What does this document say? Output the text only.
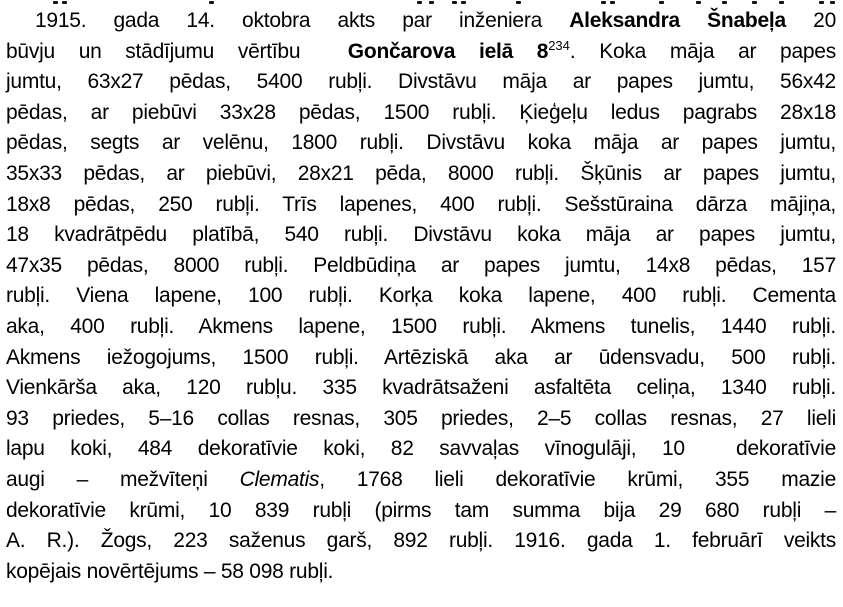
1915. gada 14. oktobra akts par inženiera Aleksandra Šnabeļa 20
būvju un stādījumu vērtību  Gončarova ielā $8^{234}$. Koka māja ar papes
jumtu, 63x27 pēdas, 5400 rubļi. Divstāvu māja ar papes jumtu, 56x42
pēdas, ar piebūvi 33x28 pēdas, 1500 rubļi. Ķieģeļu ledus pagrabs 28x18
pēdas, segts ar velēnu, 1800 rubļi. Divstāvu koka māja ar papes jumtu,
35x33 pēdas, ar piebūvi, 28x21 pēda, 8000 rubļi. Šķūnis ar papes jumtu,
18x8 pēdas, 250 rubļi. Trīs lapenes, 400 rubļi. Sešstūraina dārza mājiņa,
18 kvadrātpēdu platībā, 540 rubļi. Divstāvu koka māja ar papes jumtu,
47x35 pēdas, 8000 rubļi. Peldbūdiņa ar papes jumtu, 14x8 pēdas, 157
rubļi. Viena lapene, 100 rubļi. Korķa koka lapene, 400 rubļi. Cementa
aka, 400 rubļi. Akmens lapene, 1500 rubļi. Akmens tunelis, 1440 rubļi.
Akmens iežogojums, 1500 rubļi. Artēziskā aka ar ūdensvadu, 500 rubļi.
Vienkārša aka, 120 rubļu. 335 kvadrātsaženi asfaltēta celiņa, 1340 rubļi.
93 priedes, 5–16 collas resnas, 305 priedes, 2–5 collas resnas, 27 lieli
lapu koki, 484 dekoratīvie koki, 82 savvaļas vīnogulāji, 10  dekoratīvie
augi – mežvīteņi Clematis, 1768 lieli dekoratīvie krūmi, 355 mazie
dekoratīvie krūmi, 10 839 rubļi (pirms tam summa bija 29 680 rubļi –
A. R.). Žogs, 223 saženus garš, 892 rubļi. 1916. gada 1. februārī veikts
kopējais novērtējums – 58 098 rubļi.
